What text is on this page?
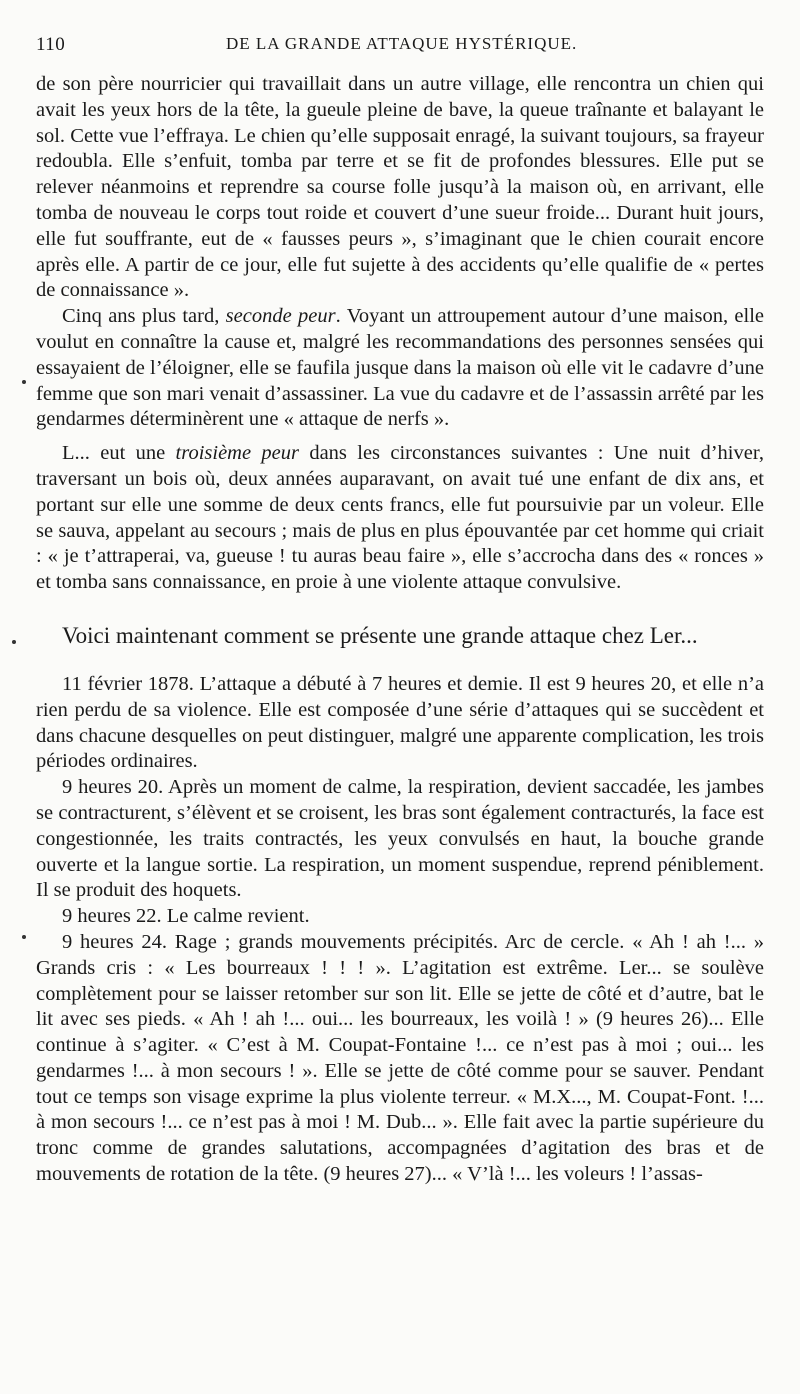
110	DE LA GRANDE ATTAQUE HYSTÉRIQUE.

de son père nourricier qui travaillait dans un autre village, elle rencontra un chien qui avait les yeux hors de la tête, la gueule pleine de bave, la queue traînante et balayant le sol. Cette vue l’effraya. Le chien qu’elle supposait enragé, la suivant toujours, sa frayeur redoubla. Elle s’enfuit, tomba par terre et se fit de profondes blessures. Elle put se relever néanmoins et reprendre sa course folle jusqu’à la maison où, en arrivant, elle tomba de nouveau le corps tout roide et couvert d’une sueur froide... Durant huit jours, elle fut souffrante, eut de « fausses peurs », s’imaginant que le chien courait encore après elle. A partir de ce jour, elle fut sujette à des accidents qu’elle qualifie de « pertes de connaissance ».

Cinq ans plus tard, seconde peur. Voyant un attroupement autour d’une maison, elle voulut en connaître la cause et, malgré les recommandations des personnes sensées qui essayaient de l’éloigner, elle se faufila jusque dans la maison où elle vit le cadavre d’une femme que son mari venait d’assassiner. La vue du cadavre et de l’assassin arrêté par les gendarmes déterminèrent une « attaque de nerfs ».

L... eut une troisième peur dans les circonstances suivantes : Une nuit d’hiver, traversant un bois où, deux années auparavant, on avait tué une enfant de dix ans, et portant sur elle une somme de deux cents francs, elle fut poursuivie par un voleur. Elle se sauva, appelant au secours ; mais de plus en plus épouvantée par cet homme qui criait : « je t’attraperai, va, gueuse ! tu auras beau faire », elle s’accrocha dans des « ronces » et tomba sans connaissance, en proie à une violente attaque convulsive.

Voici maintenant comment se présente une grande attaque chez Ler...

11 février 1878. L’attaque a débuté à 7 heures et demie. Il est 9 heures 20, et elle n’a rien perdu de sa violence. Elle est composée d’une série d’attaques qui se succèdent et dans chacune desquelles on peut distinguer, malgré une apparente complication, les trois périodes ordinaires.

9 heures 20. Après un moment de calme, la respiration, devient saccadée, les jambes se contracturent, s’élèvent et se croisent, les bras sont également contracturés, la face est congestionnée, les traits contractés, les yeux convulsés en haut, la bouche grande ouverte et la langue sortie. La respiration, un moment suspendue, reprend péniblement. Il se produit des hoquets.

9 heures 22. Le calme revient.

9 heures 24. Rage ; grands mouvements précipités. Arc de cercle. « Ah ! ah !... » Grands cris : « Les bourreaux ! ! ! ». L’agitation est extrême. Ler... se soulève complètement pour se laisser retomber sur son lit. Elle se jette de côté et d’autre, bat le lit avec ses pieds. « Ah ! ah !... oui... les bourreaux, les voilà ! » (9 heures 26)... Elle continue à s’agiter. « C’est à M. Coupat-Fontaine !... ce n’est pas à moi ; oui... les gendarmes !... à mon secours ! ». Elle se jette de côté comme pour se sauver. Pendant tout ce temps son visage exprime la plus violente terreur. « M.X..., M. Coupat-Font. !... à mon secours !... ce n’est pas à moi ! M. Dub... ». Elle fait avec la partie supérieure du tronc comme de grandes salutations, accompagnées d’agitation des bras et de mouvements de rotation de la tête. (9 heures 27)... « V’là !... les voleurs ! l’assas-
